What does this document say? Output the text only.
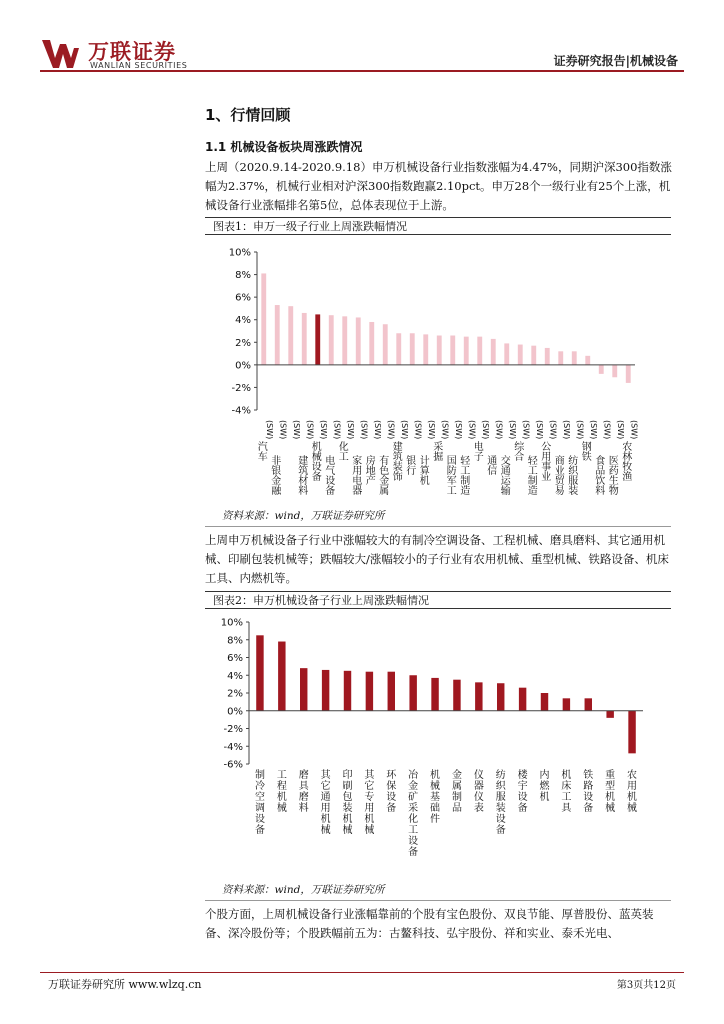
万联证券
WANLIAN SECURITIES	证券研究报告|机械设备
1、行情回顾
1.1 机械设备板块周涨跌情况
上周（2020.9.14-2020.9.18）申万机械设备行业指数涨幅为4.47%，同期沪深300指数涨幅为2.37%，机械行业相对沪深300指数跑赢2.10pct。申万28个一级行业有25个上涨，机械设备行业涨幅排名第5位，总体表现位于上游。
图表1：申万一级子行业上周涨跌幅情况
-4%
-2%
0%
2%
4%
6%
8%
10%
(SW)
汽车
(SW)
非银金融
(SW) (SW)
建筑材料
(SW)
机械设备
(SW)
电气设备
(SW)
化工
(SW)
家用电器
(SW)
房地产
(SW)
有色金属
(SW)
建筑装饰
(SW)
银行
(SW)
计算机
(SW)
采掘
(SW)
国防军工
(SW)
轻工制造
(SW)
电子
(SW)
通信
(SW)
交通运输
(SW)
综合
(SW)
轻工制造
(SW)
公用事业
(SW)
商业贸易
(SW)
纺织服装
(SW)
钢铁
(SW)
食品饮料
(SW)
医药生物
(SW)
农林牧渔
资料来源：wind，万联证券研究所
上周申万机械设备子行业中涨幅较大的有制冷空调设备、工程机械、磨具磨料、其它通用机械、印刷包装机械等；跌幅较大/涨幅较小的子行业有农用机械、重型机械、铁路设备、机床工具、内燃机等。
图表2：申万机械设备子行业上周涨跌幅情况
-6%
-4%
-2%
0%
2%
4%
6%
8%
10%
制冷空调设备
工程机械
磨具磨料
其它通用机械
印刷包装机械
其它专用机械
环保设备
冶金矿采化工设备
机械基础件
金属制品
仪器仪表
纺织服装设备
楼宇设备
内燃机
机床工具
铁路设备
重型机械
农用机械
资料来源：wind，万联证券研究所
个股方面，上周机械设备行业涨幅靠前的个股有宝色股份、双良节能、厚普股份、蓝英装备、深冷股份等；个股跌幅前五为：古鳌科技、弘宇股份、祥和实业、泰禾光电、
万联证券研究所 www.wlzq.cn	第3页共12页
